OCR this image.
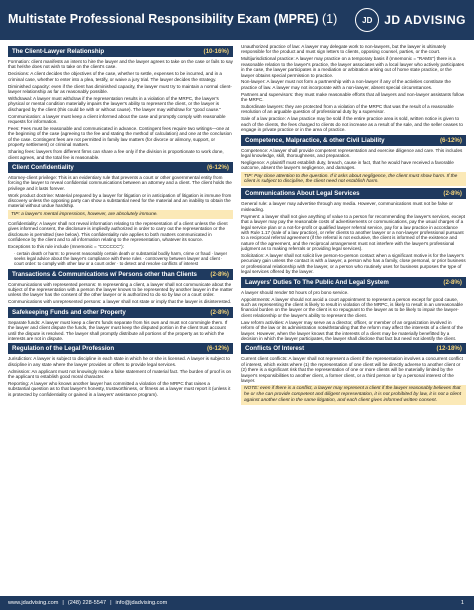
Multistate Professional Responsibility Exam (MPRE) (1)	JD JD ADVISING
The Client-Lawyer Relationship	(10-16%)

Formation: client manifests an intent to hire the lawyer and the lawyer agrees to take on the case or fails to say that he/she does not wish to take on the client's case.

Decisions: A client decides the objectives of the case, whether to settle, expenses to be incurred, and in a criminal case, whether to enter into a plea, testify, or waive a jury trial. The lawyer decides the strategy.

Diminished capacity: even if the client has diminished capacity, the lawyer must try to maintain a normal client-lawyer relationship as far as reasonably possible.

Withdrawal: A lawyer must withdraw if the representation results in a violation of the MRPC, the lawyer's physical or mental condition materially impairs the lawyer's ability to represent the client, or the lawyer is discharged by the client (this could be with or without cause). The lawyer may withdraw for "good cause."

Communication: a lawyer must keep a client informed about the case and promptly comply with reasonable requests for information.

Fees: Fees must be reasonable and communicated in advance. Contingent fees require two writings—one at the beginning of the case (agreeing to the fee and stating the method of calculation) and one at the conclusion of the case. Contingent fees are not permitted in family law matters (for divorce or alimony, support, or property settlement) or criminal matters.

Sharing fees: lawyers from different firms can share a fee only if the division is proportionate to work done, client agrees, and the total fee is reasonable.

Client Confidentiality	(6-12%)

Attorney-client privilege: This is an evidentiary rule that prevents a court or other governmental entity from forcing the lawyer to reveal confidential communications between an attorney and a client. The client holds the privilege and it lasts forever.

Work product doctrine: Material prepared by a lawyer for litigation or in anticipation of litigation is immune from discovery unless the opposing party can show a substantial need for the material and an inability to obtain the material without undue hardship.

TIP: a lawyer's mental impressions, however, are absolutely immune.

Confidentiality: A lawyer shall not reveal information relating to the representation of a client unless the client gives informed consent, the disclosure is impliedly authorized in order to carry out the representation or the disclosure is permitted (see below). This confidentiality rule applies to both matters communicated in confidence by the client and to all information relating to the representation, whatever its source.

Exceptions to this rule include (mnemonic = "CCCCCC"):

· certain death or harm: to prevent reasonably certain death or substantial bodily harm, crime or fraud · lawyer seeks legal advice about the lawyer's compliance with these rules · controversy between lawyer and client · court order: to comply with other law or a court order · to detect and resolve conflicts of interest

Transactions & Communications w/ Persons other than Clients (2-8%)

Communications with represented persons: In representing a client, a lawyer shall not communicate about the subject of the representation with a person the lawyer knows to be represented by another lawyer in the matter unless the lawyer has the consent of the other lawyer or is authorized to do so by law or a court order.

Communications with unrepresented persons: a lawyer shall not state or imply that the lawyer is disinterested.

Safekeeping Funds and other Property	(2-8%)

Separate funds: A lawyer must keep a client's funds separate from his own and must not commingle them. If the lawyer and client dispute the funds, the lawyer must keep the disputed portion in the client trust account until the dispute is resolved. The lawyer shall promptly distribute all portions of the property as to which the interests are not in dispute.

Regulation of the Legal Profession	(6-12%)

Jurisdiction: A lawyer is subject to discipline in each state in which he or she is licensed. A lawyer is subject to discipline in any state where the lawyer provides or offers to provide legal services.

Admission: An applicant must not knowingly make a false statement of material fact. The burden of proof is on the applicant to establish good moral character.

Reporting: A lawyer who knows another lawyer has committed a violation of the MRPC that raises a substantial question as to that lawyer's honesty, trustworthiness, or fitness as a lawyer must report it (unless it is protected by confidentiality or gained in a lawyers' assistance program).

Unauthorized practice of law: A lawyer may delegate work to non-lawyers, but the lawyer is ultimately responsible for the product and must sign letters to clients, opposing counsel, parties, or the court.

Multijurisdictional practice: A lawyer may practice on a temporary basis if (mnemonic = "RAMS") there is a reasonable relation to the lawyer's practice, the lawyer associates with a local lawyer who actively participates in the case, the lawyer participates in a mediation or arbitration arising out of home state practice, or the lawyer obtains special permission to practice.

Non-lawyer: A lawyer must not form a partnership with a non-lawyer if any of the activities constitute the practice of law. A lawyer may not incorporate with a non-lawyer, absent special circumstances.

Partners and supervisors: they must make reasonable efforts that all lawyers and non-lawyer assistants follow the MRPC.

Subordinate lawyers: they are protected from a violation of the MRPC that was the result of a reasonable resolution of an arguable question of professional duty by a supervisor.

Sale of a law practice: A law practice may be sold if the entire practice area is sold, written notice is given to each of the clients, the fees charged to clients do not increase as a result of the sale, and the seller ceases to engage in private practice or in the area of practice.

Competence, Malpractice, & other Civil Liability	(6-12%)

Competence: A lawyer shall provide competent representation and exercise diligence and care. This includes legal knowledge, skill, thoroughness, and preparation.

Negligence: A plaintiff must establish duty, breach, cause in fact, that he would have received a favorable outcome, absent the lawyer's negligence, and damages.

TIP: Pay close attention to the question. If it asks about negligence, the client must show harm. If the client is subject to discipline, the client need not establish harm.
Communications About Legal Services	(2-8%)

General rule: a lawyer may advertise through any media. However, communications must not be false or misleading.

Payment: a lawyer shall not give anything of value to a person for recommending the lawyer's services, except that a lawyer may pay the reasonable costs of advertisements or communications, pay the usual charges of a legal service plan or a not-for-profit or qualified lawyer referral service, pay for a law practice in accordance with Rule 1.17 (sale of a law practice), or refer clients to another lawyer or a non-lawyer professional pursuant to a reciprocal referral agreement (if the referral is not exclusive, the client is informed of the existence and nature of the agreement, and the reciprocal arrangement must not interfere with the lawyer's professional judgment as to making referrals or providing legal services).

Solicitation: A lawyer shall not solicit live person-to-person contact when a significant motive is for the lawyer's pecuniary gain unless the contact is with a lawyer, a person who has a family, close personal, or prior business or professional relationship with the lawyer, or a person who routinely uses for business purposes the type of legal services offered by the lawyer.

Lawyers' Duties To The Public And Legal System	(2-8%)

A lawyer should render 50 hours of pro bono service.

Appointments: A lawyer should not avoid a court appointment to represent a person except for good cause, such as representing the client is likely to result in violation of the MRPC, is likely to result in an unreasonable financial burden on the lawyer or the client is so repugnant to the lawyer as to be likely to impair the lawyer-client relationship or the lawyer's ability to represent the client.

Law reform activities: A lawyer may serve as a director, officer, or member of an organization involved in reform of the law or its administration notwithstanding that the reform may affect the interests of a client of the lawyer. However, when the lawyer knows that the interests of a client may be materially benefitted by a decision in which the lawyer participates, the lawyer shall disclose that fact but need not identify the client.

Conflicts Of Interest	(12-18%)

Current client conflicts: A lawyer shall not represent a client if the representation involves a concurrent conflict of interest, which exists where (1) the representation of one client will be directly adverse to another client or (2) there is a significant risk that the representation of one or more clients will be materially limited by the lawyer's responsibilities to another client, a former client, or a third person or by a personal interest of the lawyer.

NOTE: even if there is a conflict, a lawyer may represent a client if the lawyer reasonably believes that he or she can provide competent and diligent representation, it is not prohibited by law, it is not a client against another client in the same litigation, and each client gives informed written consent.
www.jdadvising.com | (248) 228-5547 | info@jdadvising.com	1
